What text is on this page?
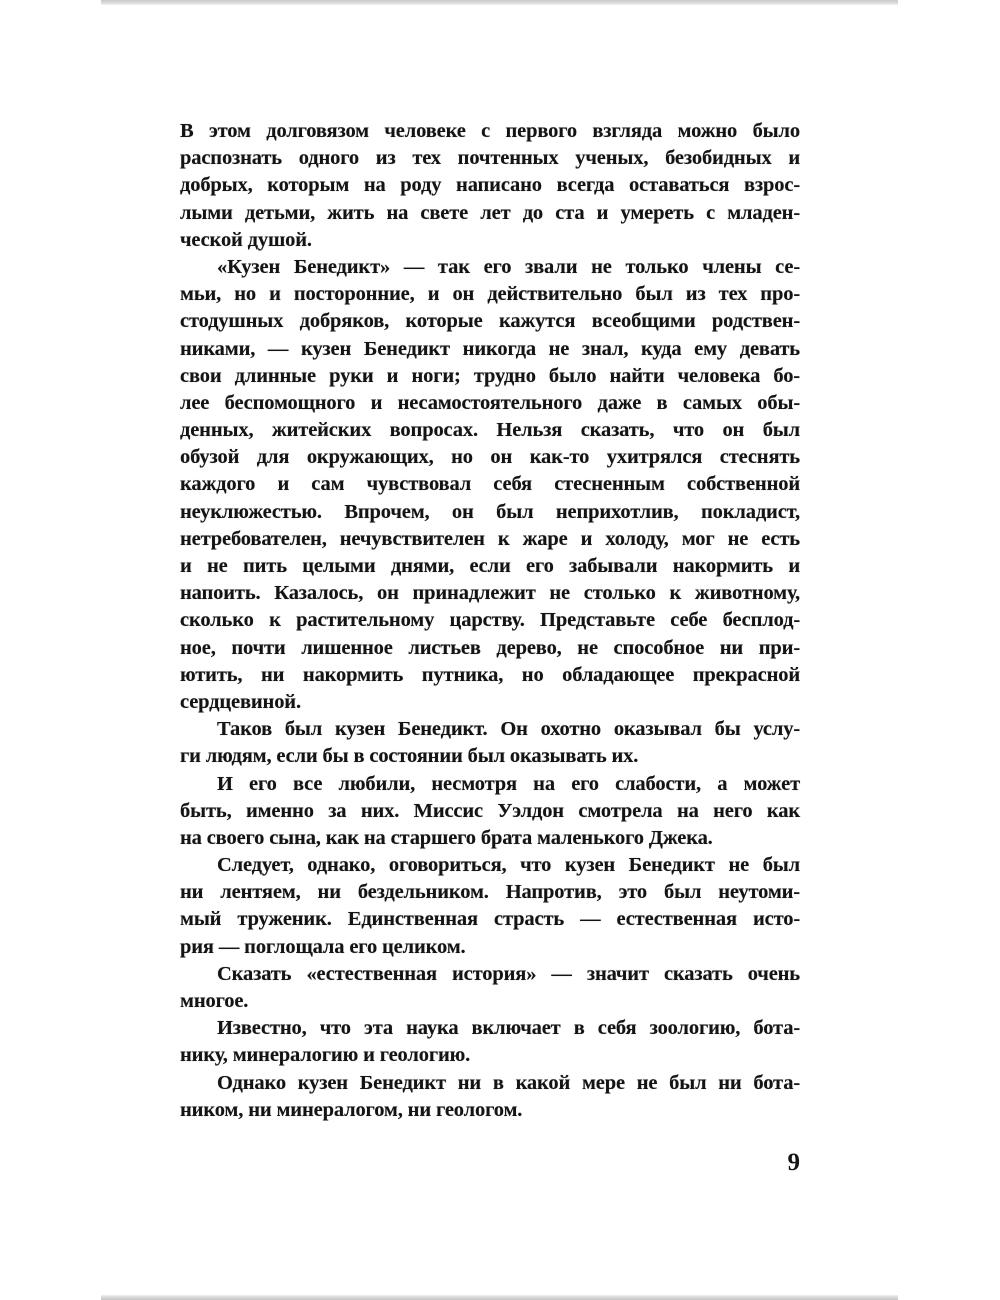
В этом долговязом человеке с первого взгляда можно было
распознать одного из тех почтенных ученых, безобидных и
добрых, которым на роду написано всегда оставаться взрос-
лыми детьми, жить на свете лет до ста и умереть с младен-
ческой душой.
«Кузен Бенедикт» — так его звали не только члены се-
мьи, но и посторонние, и он действительно был из тех про-
стодушных добряков, которые кажутся всеобщими родствен-
никами, — кузен Бенедикт никогда не знал, куда ему девать
свои длинные руки и ноги; трудно было найти человека бо-
лее беспомощного и несамостоятельного даже в самых обы-
денных, житейских вопросах. Нельзя сказать, что он был
обузой для окружающих, но он как-то ухитрялся стеснять
каждого и сам чувствовал себя стесненным собственной
неуклюжестью. Впрочем, он был неприхотлив, покладист,
нетребователен, нечувствителен к жаре и холоду, мог не есть
и не пить целыми днями, если его забывали накормить и
напоить. Казалось, он принадлежит не столько к животному,
сколько к растительному царству. Представьте себе бесплод-
ное, почти лишенное листьев дерево, не способное ни при-
ютить, ни накормить путника, но обладающее прекрасной
сердцевиной.
Таков был кузен Бенедикт. Он охотно оказывал бы услу-
ги людям, если бы в состоянии был оказывать их.
И его все любили, несмотря на его слабости, а может
быть, именно за них. Миссис Уэлдон смотрела на него как
на своего сына, как на старшего брата маленького Джека.
Следует, однако, оговориться, что кузен Бенедикт не был
ни лентяем, ни бездельником. Напротив, это был неутоми-
мый труженик. Единственная страсть — естественная исто-
рия — поглощала его целиком.
Сказать «естественная история» — значит сказать очень
многое.
Известно, что эта наука включает в себя зоологию, бота-
нику, минералогию и геологию.
Однако кузен Бенедикт ни в какой мере не был ни бота-
ником, ни минералогом, ни геологом.
9
